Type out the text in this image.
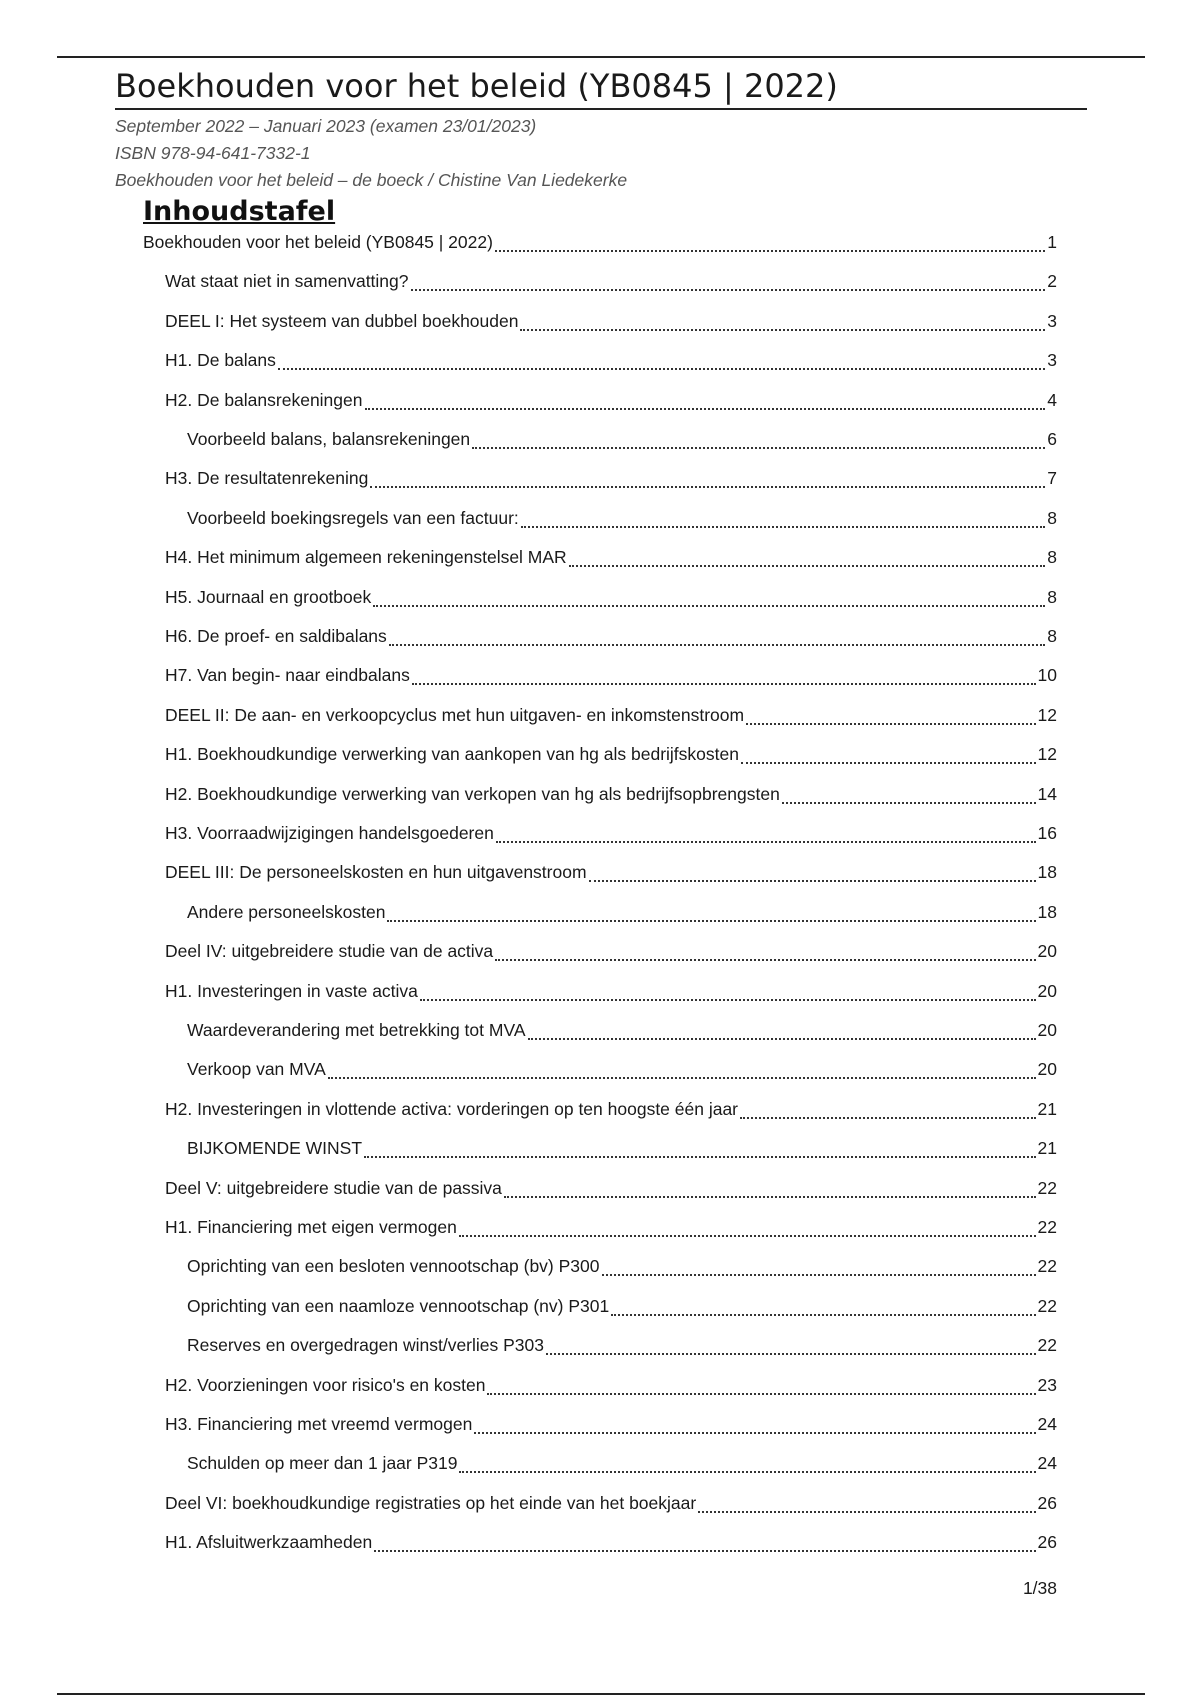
Boekhouden voor het beleid (YB0845 | 2022)
September 2022 – Januari 2023 (examen 23/01/2023)
ISBN 978-94-641-7332-1
Boekhouden voor het beleid – de boeck / Chistine Van Liedekerke
Inhoudstafel
Boekhouden voor het beleid (YB0845 | 2022)	1
Wat staat niet in samenvatting?	2
DEEL I: Het systeem van dubbel boekhouden	3
H1. De balans	3
H2. De balansrekeningen	4
Voorbeeld balans, balansrekeningen	6
H3. De resultatenrekening	7
Voorbeeld boekingsregels van een factuur:	8
H4. Het minimum algemeen rekeningenstelsel MAR	8
H5. Journaal en grootboek	8
H6. De proef- en saldibalans	8
H7. Van begin- naar eindbalans	10
DEEL II: De aan- en verkoopcyclus met hun uitgaven- en inkomstenstroom	12
H1. Boekhoudkundige verwerking van aankopen van hg als bedrijfskosten	12
H2. Boekhoudkundige verwerking van verkopen van hg als bedrijfsopbrengsten	14
H3. Voorraadwijzigingen handelsgoederen	16
DEEL III: De personeelskosten en hun uitgavenstroom	18
Andere personeelskosten	18
Deel IV: uitgebreidere studie van de activa	20
H1. Investeringen in vaste activa	20
Waardeverandering met betrekking tot MVA	20
Verkoop van MVA	20
H2. Investeringen in vlottende activa: vorderingen op ten hoogste één jaar	21
BIJKOMENDE WINST	21
Deel V: uitgebreidere studie van de passiva	22
H1. Financiering met eigen vermogen	22
Oprichting van een besloten vennootschap (bv) P300	22
Oprichting van een naamloze vennootschap (nv) P301	22
Reserves en overgedragen winst/verlies P303	22
H2. Voorzieningen voor risico's en kosten	23
H3. Financiering met vreemd vermogen	24
Schulden op meer dan 1 jaar P319	24
Deel VI: boekhoudkundige registraties op het einde van het boekjaar	26
H1. Afsluitwerkzaamheden	26
1/38
